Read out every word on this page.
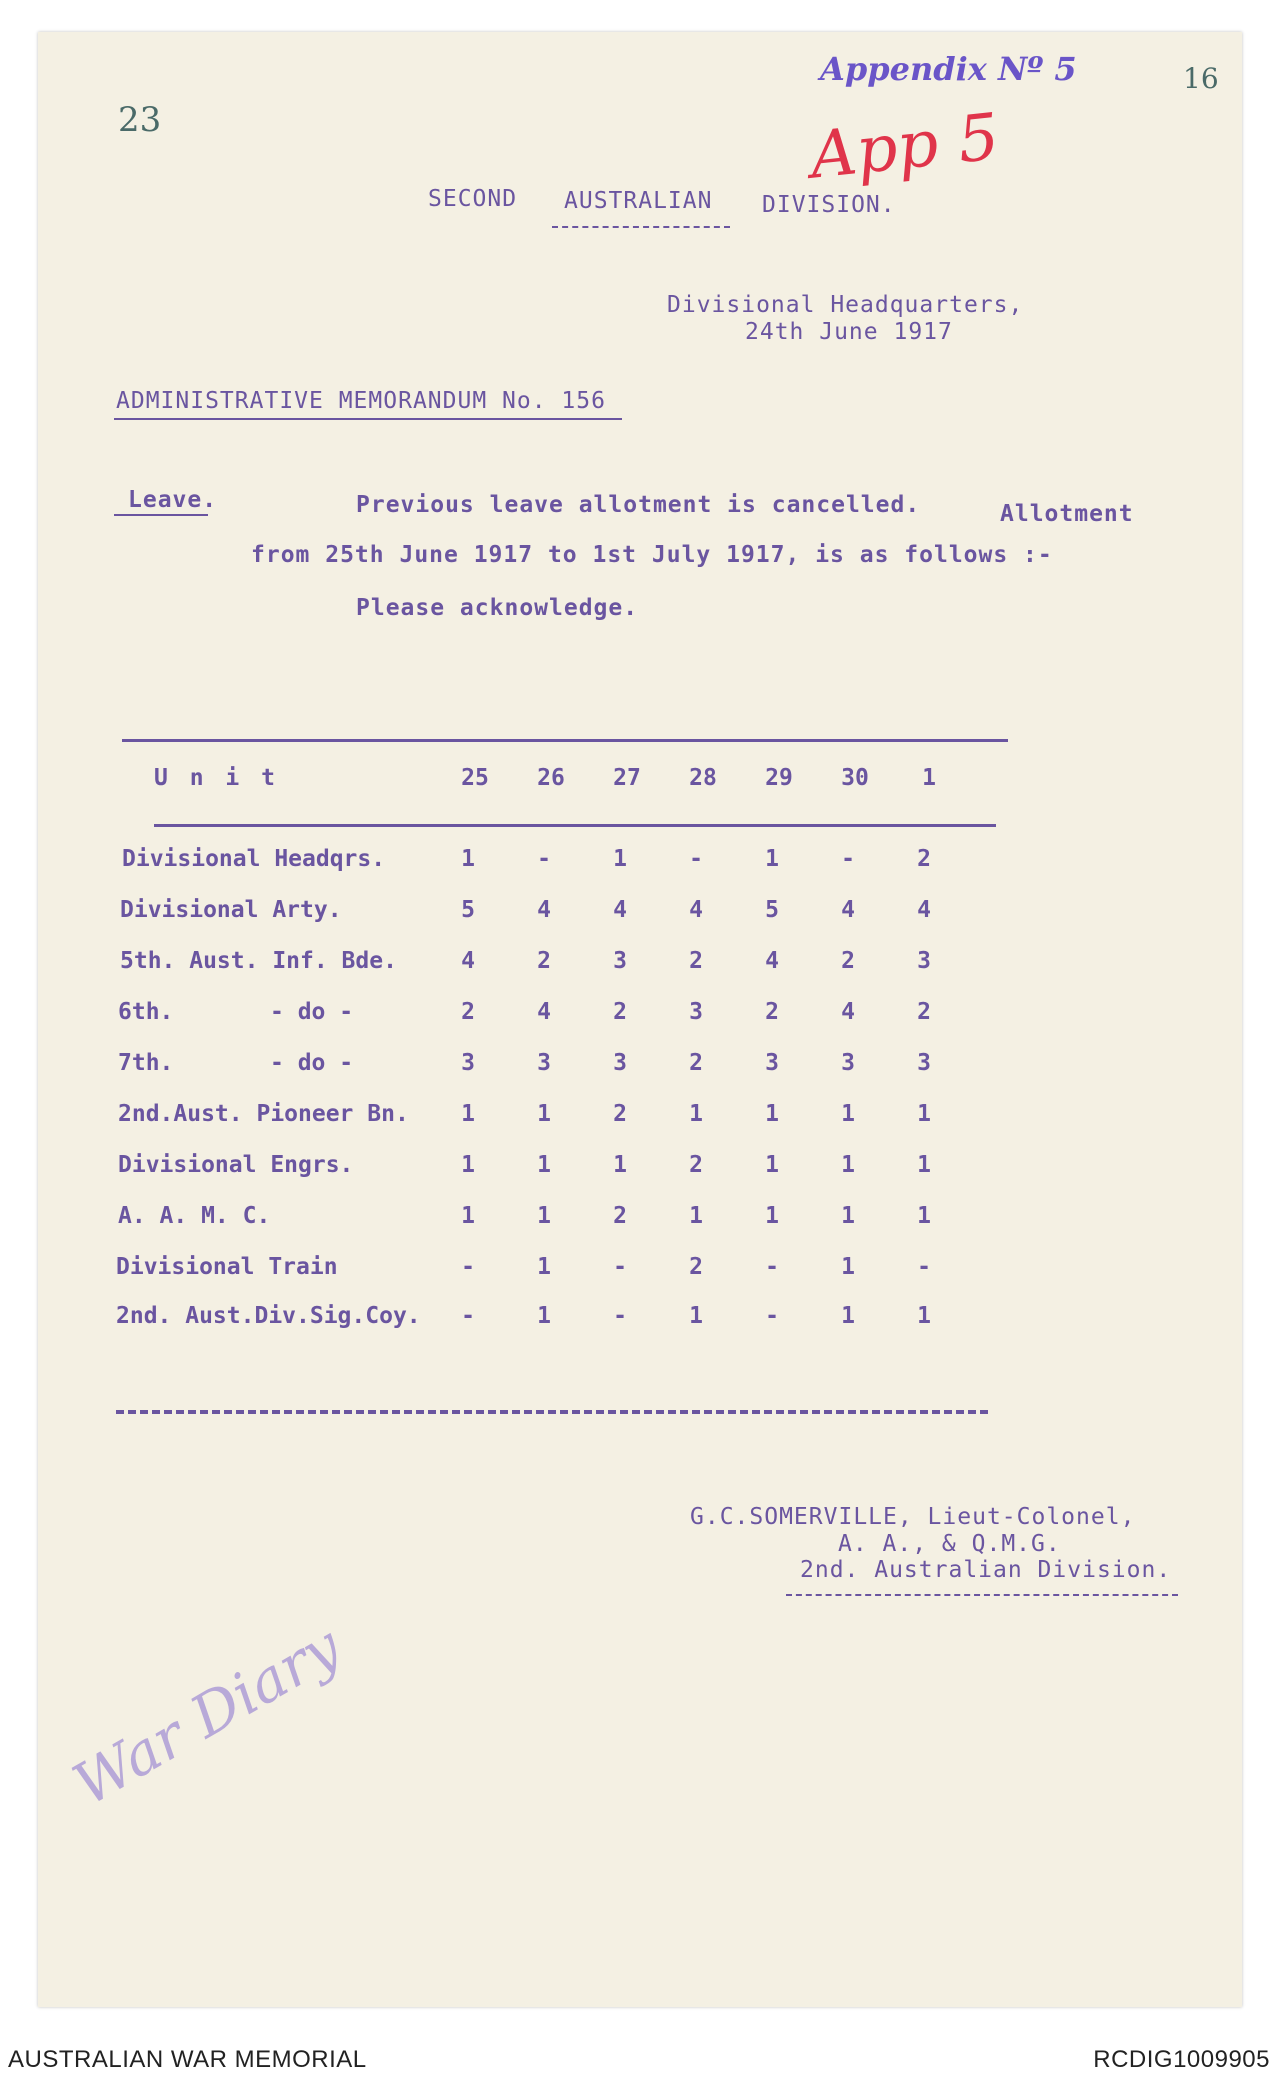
23
16
Appendix Nº 5
App 5
SECOND AUSTRALIAN DIVISION.
Divisional Headquarters,
24th June 1917
ADMINISTRATIVE MEMORANDUM No. 156
Leave.	Previous leave allotment is cancelled.	Allotment
from 25th June 1917 to 1st July 1917, is as follows :-
Please acknowledge.
U n i t	25 26 27 28 29 30	1
Divisional Headqrs.	1	-	1	-	1	-	2
Divisional Arty.	5	4	4	4	5	4	4
5th. Aust. Inf. Bde.	4	2	3	2	4	2	3
6th.	- do -	2	4	2	3	2	4	2
7th.	- do -	3	3	3	2	3	3	3
2nd.Aust. Pioneer Bn.	1	1	2	1	1	1	1
Divisional Engrs.	1	1	1	2	1	1	1
A. A. M. C.	1	1	2	1	1	1	1
Divisional Train	-	1	-	2	-	1	-
2nd. Aust.Div.Sig.Coy.	-	1	-	1	-	1	1
G.C.SOMERVILLE, Lieut-Colonel,
A. A., & Q.M.G.
2nd. Australian Division.
War Diary
AUSTRALIAN WAR MEMORIAL	RCDIG1009905
